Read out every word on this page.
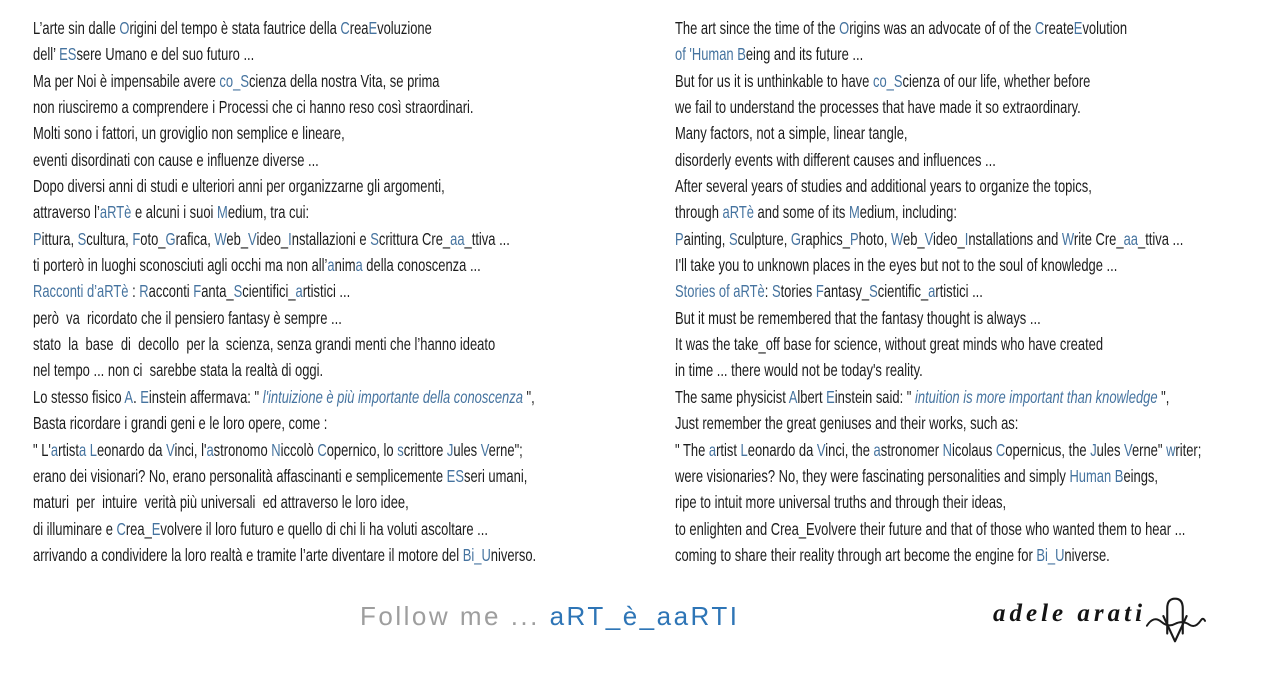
L’arte sin dalle Origini del tempo è stata fautrice della CreaEvoluzione
dell’ ESsere Umano e del suo futuro ...
Ma per Noi è impensabile avere co_Scienza della nostra Vita, se prima
non riusciremo a comprendere i Processi che ci hanno reso così straordinari.
Molti sono i fattori, un groviglio non semplice e lineare,
eventi disordinati con cause e influenze diverse ...
Dopo diversi anni di studi e ulteriori anni per organizzarne gli argomenti,
attraverso l’aRTè e alcuni i suoi Medium, tra cui:
Pittura, Scultura, Foto_Grafica, Web_Video_Installazioni e Scrittura Cre_aa_ttiva ...
ti porterò in luoghi sconosciuti agli occhi ma non all’anima della conoscenza ...
Racconti d’aRTè : Racconti Fanta_Scientifici_artistici ...
però  va  ricordato che il pensiero fantasy è sempre ...
stato  la  base  di  decollo  per la  scienza, senza grandi menti che l’hanno ideato
nel tempo ... non ci  sarebbe stata la realtà di oggi.
Lo stesso fisico A. Einstein affermava: " l'intuizione è più importante della conoscenza ",
Basta ricordare i grandi geni e le loro opere, come :
" L'artista Leonardo da Vinci, l'astronomo Niccolò Copernico, lo scrittore Jules Verne";
erano dei visionari? No, erano personalità affascinanti e semplicemente ESseri umani,
maturi  per  intuire  verità più universali  ed attraverso le loro idee,
di illuminare e Crea_Evolvere il loro futuro e quello di chi li ha voluti ascoltare ...
arrivando a condividere la loro realtà e tramite l’arte diventare il motore del Bi_Universo.
The art since the time of the Origins was an advocate of of the CreateEvolution
of 'Human Being and its future ...
But for us it is unthinkable to have co_Scienza of our life, whether before
we fail to understand the processes that have made it so extraordinary.
Many factors, not a simple, linear tangle,
disorderly events with different causes and influences ...
After several years of studies and additional years to organize the topics,
through aRTè and some of its Medium, including:
Painting, Sculpture, Graphics_Photo, Web_Video_Installations and Write Cre_aa_ttiva ...
I'll take you to unknown places in the eyes but not to the soul of knowledge ...
Stories of aRTè: Stories Fantasy_Scientific_artistici ...
But it must be remembered that the fantasy thought is always ...
It was the take_off base for science, without great minds who have created
in time ... there would not be today's reality.
The same physicist Albert Einstein said: " intuition is more important than knowledge ",
Just remember the great geniuses and their works, such as:
" The artist Leonardo da Vinci, the astronomer Nicolaus Copernicus, the Jules Verne" writer;
were visionaries? No, they were fascinating personalities and simply Human Beings,
ripe to intuit more universal truths and through their ideas,
to enlighten and Crea_Evolvere their future and that of those who wanted them to hear ...
coming to share their reality through art become the engine for Bi_Universe.
Follow me ... aRT_è_aaRTI	adele arati
